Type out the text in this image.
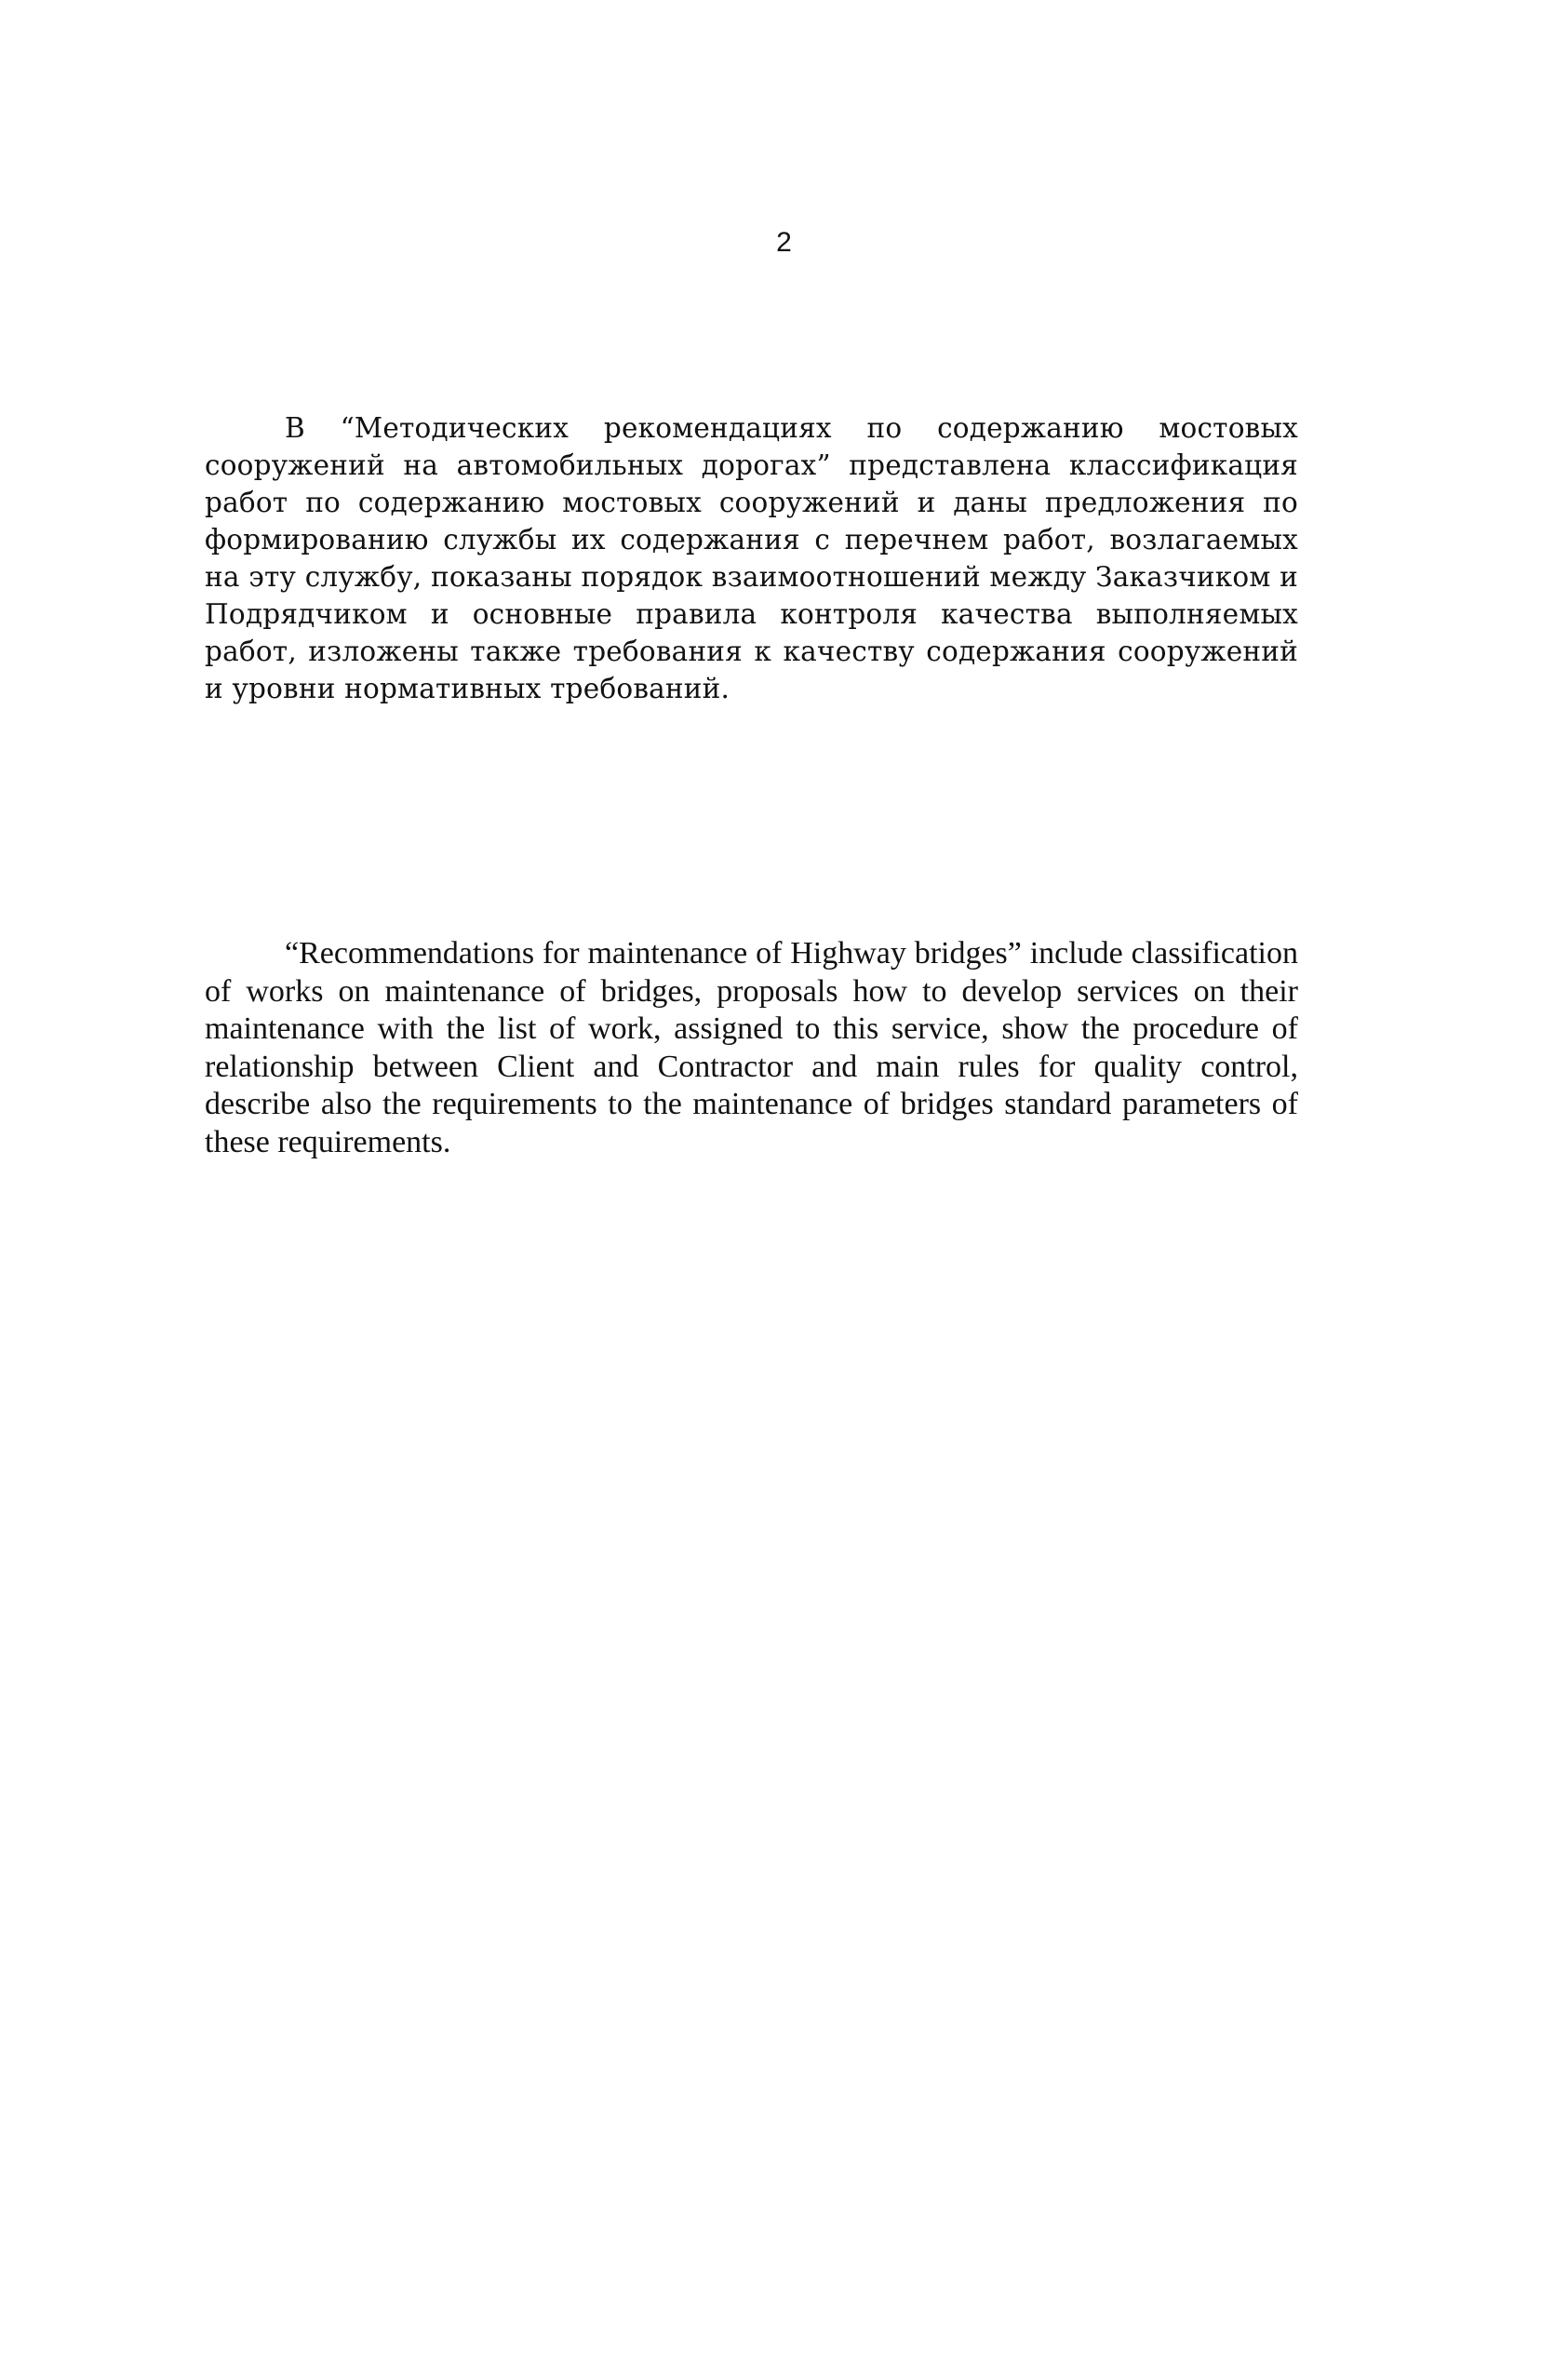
2

В “Методических рекомендациях по содержанию мостовых сооружений на автомобильных дорогах” представлена классификация работ по содержанию мостовых сооружений и даны предложения по формированию службы их содержания с перечнем работ, возлагаемых на эту службу, показаны порядок взаимоотношений между Заказчиком и Подрядчиком и основные правила контроля качества выполняемых работ, изложены также требования к качеству содержания сооружений и уровни нормативных требований.

“Recommendations for maintenance of Highway bridges” include classification of works on maintenance of bridges, proposals how to develop services on their maintenance with the list of work, assigned to this service, show the procedure of relationship between Client and Contractor and main rules for quality control, describe also the requirements to the maintenance of bridges standard parameters of these requirements.
